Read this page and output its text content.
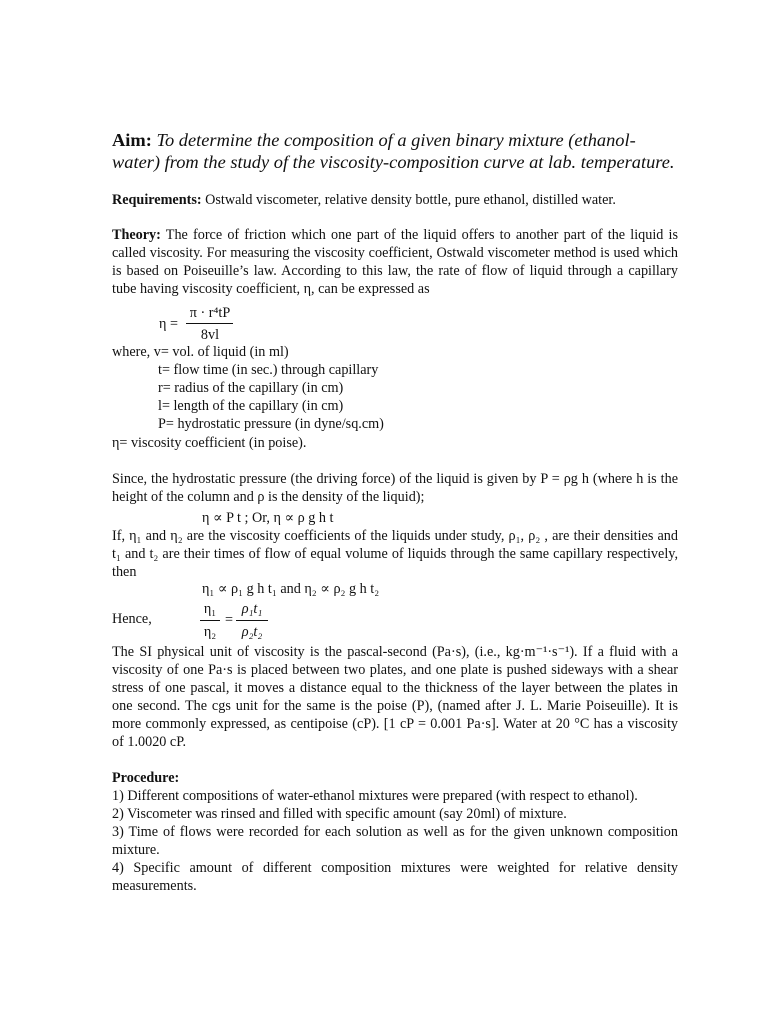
Aim: To determine the composition of a given binary mixture (ethanol-water) from the study of the viscosity-composition curve at lab. temperature.
Requirements: Ostwald viscometer, relative density bottle, pure ethanol, distilled water.
Theory: The force of friction which one part of the liquid offers to another part of the liquid is called viscosity. For measuring the viscosity coefficient, Ostwald viscometer method is used which is based on Poiseuille’s law. According to this law, the rate of flow of liquid through a capillary tube having viscosity coefficient, η, can be expressed as
η =
π · r⁴tP
8vl
where, v= vol. of liquid (in ml)
t= flow time (in sec.) through capillary
r= radius of the capillary (in cm)
l= length of the capillary (in cm)
P= hydrostatic pressure (in dyne/sq.cm)
η= viscosity coefficient (in poise).
Since, the hydrostatic pressure (the driving force) of the liquid is given by P = ρg h (where h is the height of the column and ρ is the density of the liquid);
η ∝ P t ; Or, η ∝ ρ g h t
If, η₁ and η₂ are the viscosity coefficients of the liquids under study, ρ₁, ρ₂ , are their densities and t₁ and t₂ are their times of flow of equal volume of liquids through the same capillary respectively, then
η₁ ∝ ρ₁ g h t₁ and η₂ ∝ ρ₂ g h t₂
Hence,
η₁
η₂
=
ρ₁t₁
ρ₂t₂
The SI physical unit of viscosity is the pascal-second (Pa·s), (i.e., kg·m⁻¹·s⁻¹). If a fluid with a viscosity of one Pa·s is placed between two plates, and one plate is pushed sideways with a shear stress of one pascal, it moves a distance equal to the thickness of the layer between the plates in one second. The cgs unit for the same is the poise (P), (named after J. L. Marie Poiseuille). It is more commonly expressed, as centipoise (cP). [1 cP = 0.001 Pa·s]. Water at 20 °C has a viscosity of 1.0020 cP.
Procedure:
1) Different compositions of water-ethanol mixtures were prepared (with respect to ethanol).
2) Viscometer was rinsed and filled with specific amount (say 20ml) of mixture.
3) Time of flows were recorded for each solution as well as for the given unknown composition mixture.
4) Specific amount of different composition mixtures were weighted for relative density measurements.
